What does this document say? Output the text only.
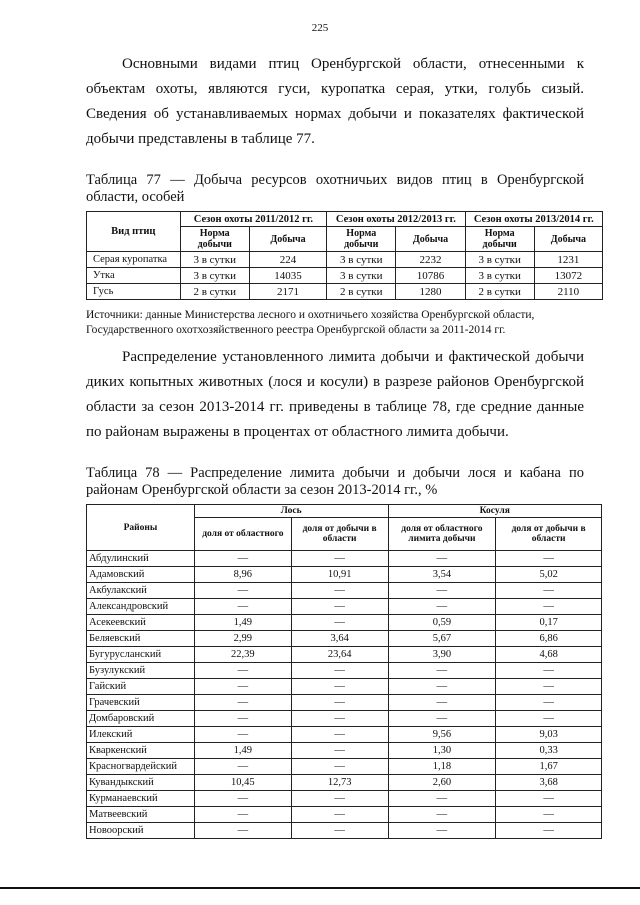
225

Основными видами птиц Оренбургской области, отнесенными к объектам охоты, являются гуси, куропатка серая, утки, голубь сизый. Сведения об устанавливаемых нормах добычи и показателях фактической добычи представлены в таблице 77.

Таблица 77 — Добыча ресурсов охотничьих видов птиц в Оренбургской области, особей

Вид птиц	Сезон охоты 2011/2012 гг.		Сезон охоты 2012/2013 гг.		Сезон охоты 2013/2014 гг.	
	Норма добычи	Добыча	Норма добычи	Добыча	Норма добычи	Добыча
Серая куропатка	3 в сутки	224	3 в сутки	2232	3 в сутки	1231
Утка	3 в сутки	14035	3 в сутки	10786	3 в сутки	13072
Гусь	2 в сутки	2171	2 в сутки	1280	2 в сутки	2110

Источники: данные Министерства лесного и охотничьего хозяйства Оренбургской области, Государственного охотхозяйственного реестра Оренбургской области за 2011-2014 гг.

Распределение установленного лимита добычи и фактической добычи диких копытных животных (лося и косули) в разрезе районов Оренбургской области за сезон 2013-2014 гг. приведены в таблице 78, где средние данные по районам выражены в процентах от областного лимита добычи.

Таблица 78 — Распределение лимита добычи и добычи лося и кабана по районам Оренбургской области за сезон 2013-2014 гг., %

Районы	Лось		Косуля	
	доля от областного	доля от добычи в области	доля от областного лимита добычи	доля от добычи в области
Абдулинский	—	—	—	—
Адамовский	8,96	10,91	3,54	5,02
Акбулакский	—	—	—	—
Александровский	—	—	—	—
Асекеевский	1,49	—	0,59	0,17
Беляевский	2,99	3,64	5,67	6,86
Бугурусланский	22,39	23,64	3,90	4,68
Бузулукский	—	—	—	—
Гайский	—	—	—	—
Грачевский	—	—	—	—
Домбаровский	—	—	—	—
Илекский	—	—	9,56	9,03
Кваркенский	1,49	—	1,30	0,33
Красногвардейский	—	—	1,18	1,67
Кувандыкский	10,45	12,73	2,60	3,68
Курманаевский	—	—	—	—
Матвеевский	—	—	—	—
Новоорский	—	—	—	—
